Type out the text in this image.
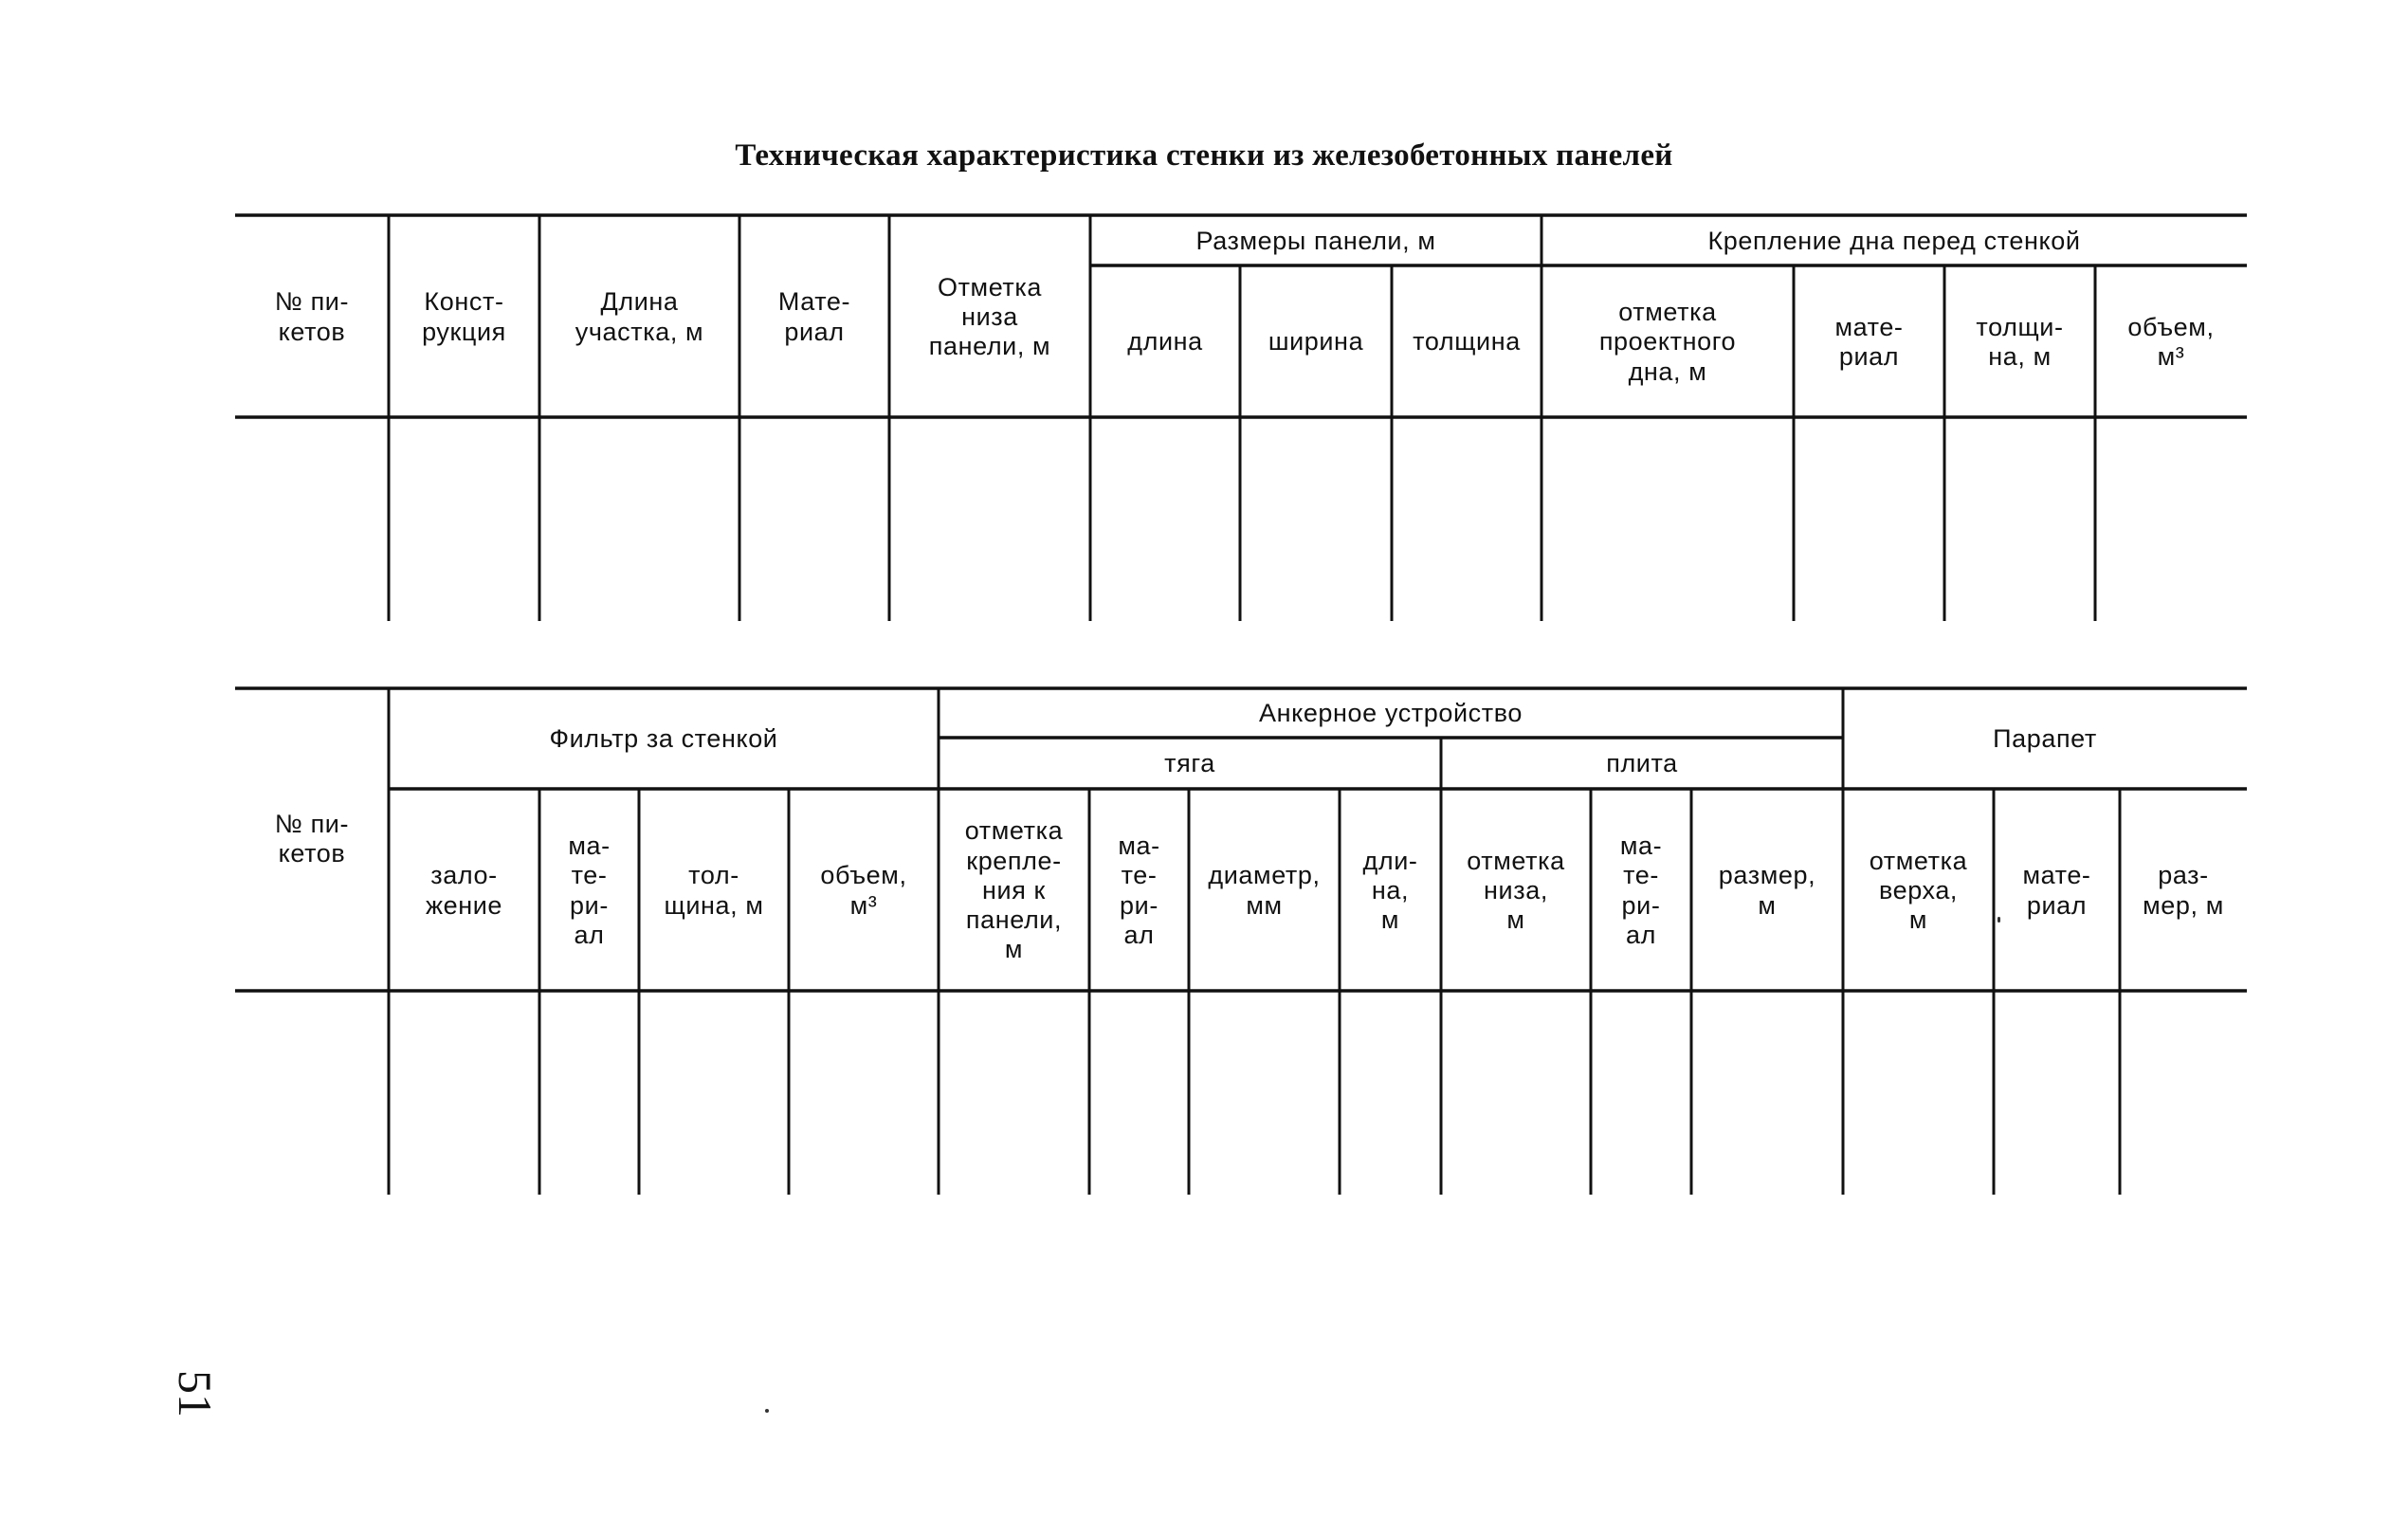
Техническая характеристика стенки из железобетонных панелей
№ пи-
кетов
Конст-
рукция
Длина
участка, м
Мате-
риал
Отметка
низа
панели, м
Размеры панели, м
длина	ширина толщина
Крепление дна перед стенкой
отметка
проектного
дна, м
мате-
риал
толщи-
на, м
объем,
м³
№ пи-
кетов
Фильтр за стенкой
зало-
жение
ма-
те-
ри-
ал
тол-
щина, м
объем,
м³
Анкерное устройство
тяга	плита
отметка
крепле-
ния к
панели,
м
ма-
те-
ри-
ал
диаметр,
мм
дли-
на,
м
отметка
низа,
м
ма-
те-
ри-
ал
размер,
м
Парапет
отметка
верха,
м
мате-
риал
раз-
мер, м
51
